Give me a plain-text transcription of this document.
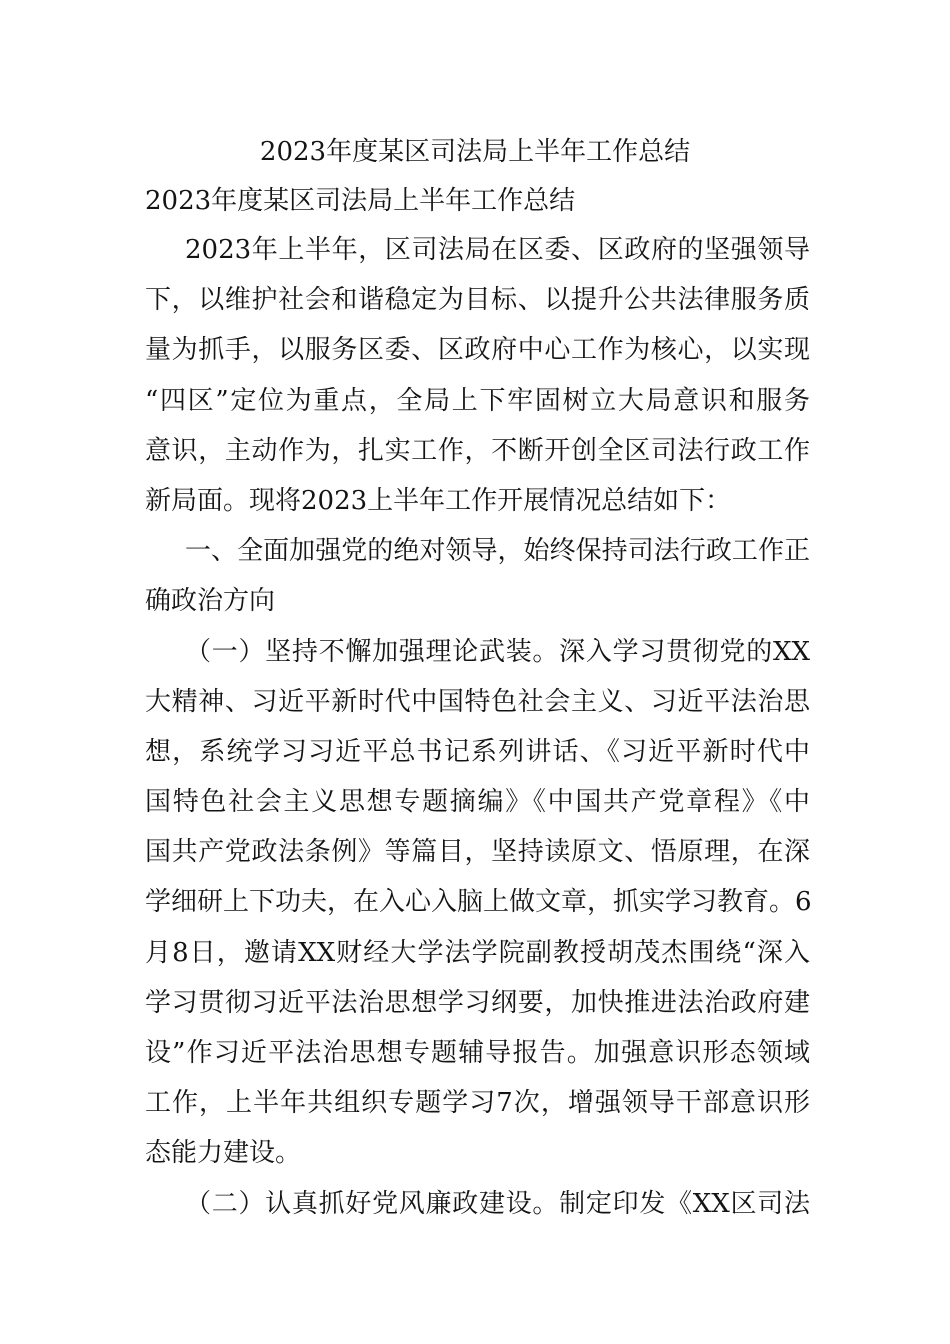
2023年度某区司法局上半年工作总结
2023年度某区司法局上半年工作总结
2023年上半年，区司法局在区委、区政府的坚强领导
下，以维护社会和谐稳定为目标、以提升公共法律服务质
量为抓手，以服务区委、区政府中心工作为核心，以实现
“四区”定位为重点，全局上下牢固树立大局意识和服务
意识，主动作为，扎实工作，不断开创全区司法行政工作
新局面。现将2023上半年工作开展情况总结如下：
一、全面加强党的绝对领导，始终保持司法行政工作正
确政治方向
（一）坚持不懈加强理论武装。深入学习贯彻党的XX
大精神、习近平新时代中国特色社会主义、习近平法治思
想，系统学习习近平总书记系列讲话、《习近平新时代中
国特色社会主义思想专题摘编》《中国共产党章程》《中
国共产党政法条例》等篇目，坚持读原文、悟原理，在深
学细研上下功夫，在入心入脑上做文章，抓实学习教育。6
月8日，邀请XX财经大学法学院副教授胡茂杰围绕“深入
学习贯彻习近平法治思想学习纲要，加快推进法治政府建
设”作习近平法治思想专题辅导报告。加强意识形态领域
工作，上半年共组织专题学习7次，增强领导干部意识形
态能力建设。
（二）认真抓好党风廉政建设。制定印发《XX区司法
